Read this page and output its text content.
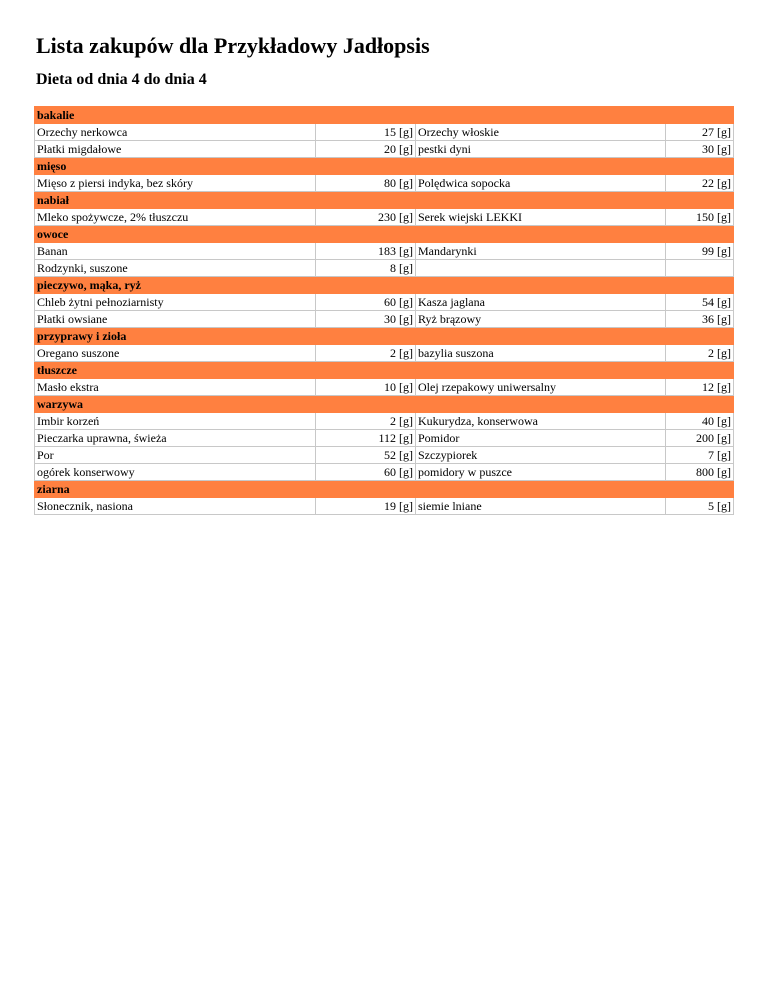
Lista zakupów dla Przykładowy Jadłopsis
Dieta od dnia 4 do dnia 4
bakalie			
Orzechy nerkowca	15 [g]	Orzechy włoskie	27 [g]
Płatki migdałowe	20 [g]	pestki dyni	30 [g]
mięso			
Mięso z piersi indyka, bez skóry	80 [g]	Polędwica sopocka	22 [g]
nabiał			
Mleko spożywcze, 2% tłuszczu	230 [g]	Serek wiejski LEKKI	150 [g]
owoce			
Banan	183 [g]	Mandarynki	99 [g]
Rodzynki, suszone	8 [g]		
pieczywo, mąka, ryż			
Chleb żytni pełnoziarnisty	60 [g]	Kasza jaglana	54 [g]
Płatki owsiane	30 [g]	Ryż brązowy	36 [g]
przyprawy i zioła			
Oregano suszone	2 [g]	bazylia suszona	2 [g]
tłuszcze			
Masło ekstra	10 [g]	Olej rzepakowy uniwersalny	12 [g]
warzywa			
Imbir korzeń	2 [g]	Kukurydza, konserwowa	40 [g]
Pieczarka uprawna, świeża	112 [g]	Pomidor	200 [g]
Por	52 [g]	Szczypiorek	7 [g]
ogórek konserwowy	60 [g]	pomidory w puszce	800 [g]
ziarna			
Słonecznik, nasiona	19 [g]	siemie lniane	5 [g]
